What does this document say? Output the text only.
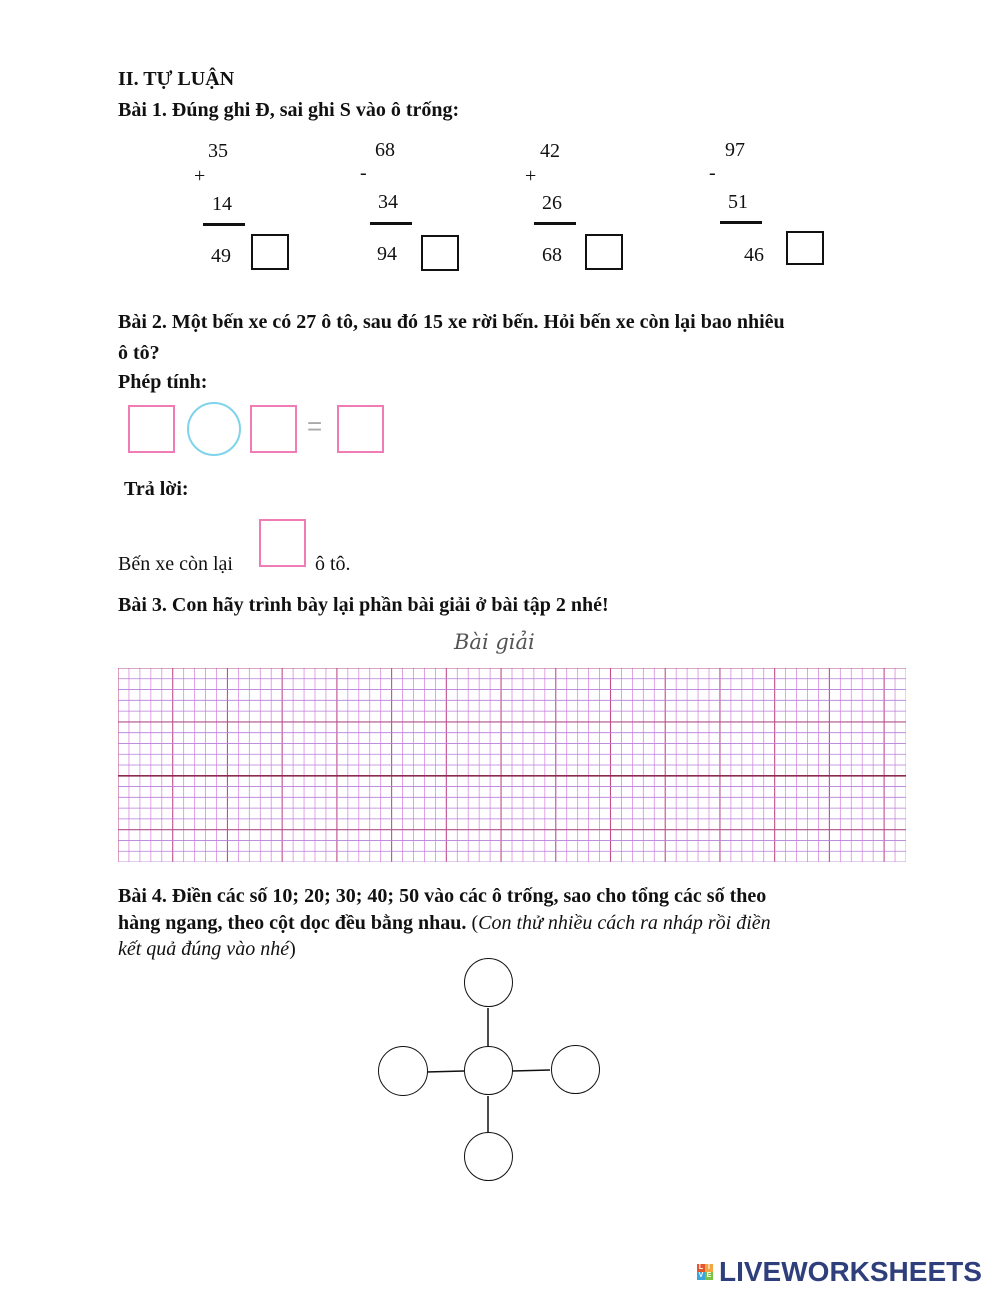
II. TỰ LUẬN
Bài 1. Đúng ghi Đ, sai ghi S vào ô trống:
35
+
14
49
68
-
34
94
42
+
26
68
97
-
51
46
Bài 2. Một bến xe có 27 ô tô, sau đó 15 xe rời bến. Hỏi bến xe còn lại bao nhiêu
ô tô?
Phép tính:
=
Trả lời:
Bến xe còn lại	ô tô.
Bài 3. Con hãy trình bày lại phần bài giải ở bài tập 2 nhé!
Bài giải
Bài 4. Điền các số 10; 20; 30; 40; 50 vào các ô trống, sao cho tổng các số theo
hàng ngang, theo cột dọc đều bằng nhau. (Con thử nhiều cách ra nháp rồi điền
kết quả đúng vào nhé)
L I
V E LIVEWORKSHEETS
